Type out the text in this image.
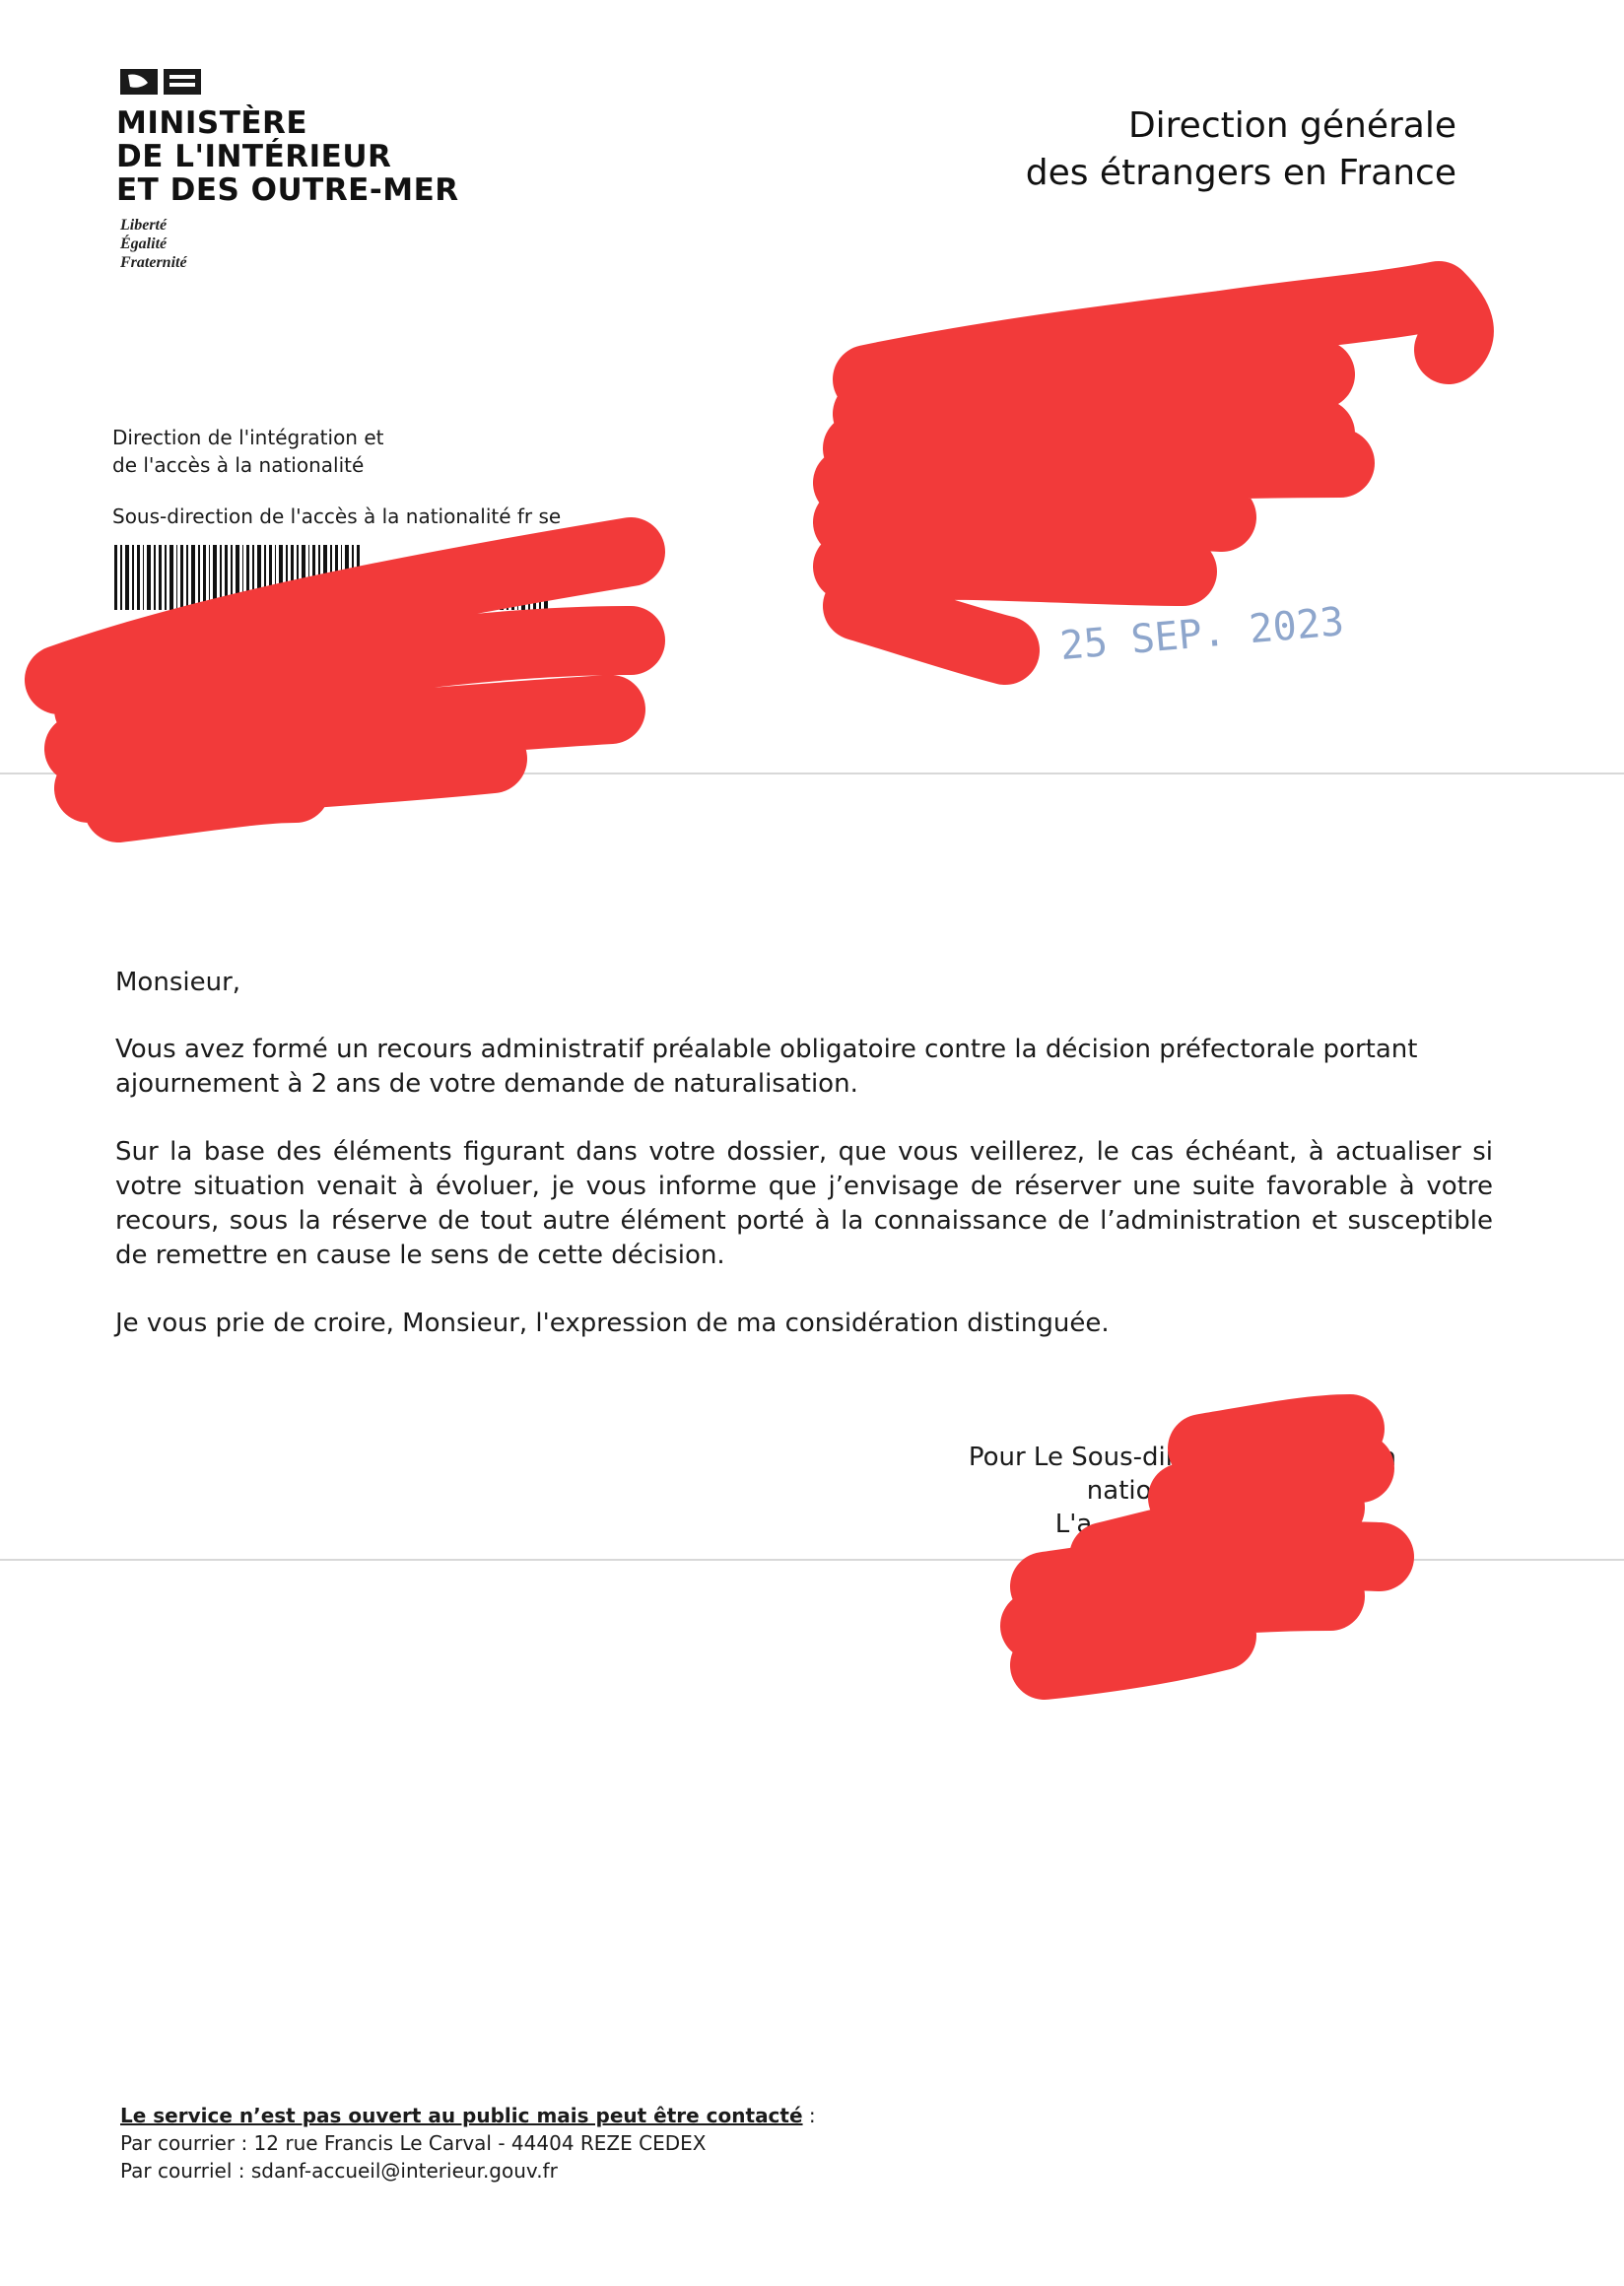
MINISTÈRE
DE L'INTÉRIEUR
ET DES OUTRE-MER
Liberté
Égalité
Fraternité
Direction générale
des étrangers en France
Direction de l'intégration et
de l'accès à la nationalité
Sous-direction de l'accès à la nationalité fr se
25 SEP. 2023
Monsieur,
Vous avez formé un recours administratif préalable obligatoire contre la décision préfectorale portant ajournement à 2 ans de votre demande de naturalisation.
Sur la base des éléments figurant dans votre dossier, que vous veillerez, le cas échéant, à actualiser si votre situation venait à évoluer, je vous informe que j’envisage de réserver une suite favorable à votre recours, sous la réserve de tout autre élément porté à la connaissance de l’administration et susceptible de remettre en cause le sens de cette décision.
Je vous prie de croire, Monsieur, l'expression de ma considération distinguée.
Pour Le Sous-directe          es à la
nation          se
L'a                    sier,
Le service n’est pas ouvert au public mais peut être contacté :
Par courrier : 12 rue Francis Le Carval - 44404 REZE CEDEX
Par courriel : sdanf-accueil@interieur.gouv.fr
